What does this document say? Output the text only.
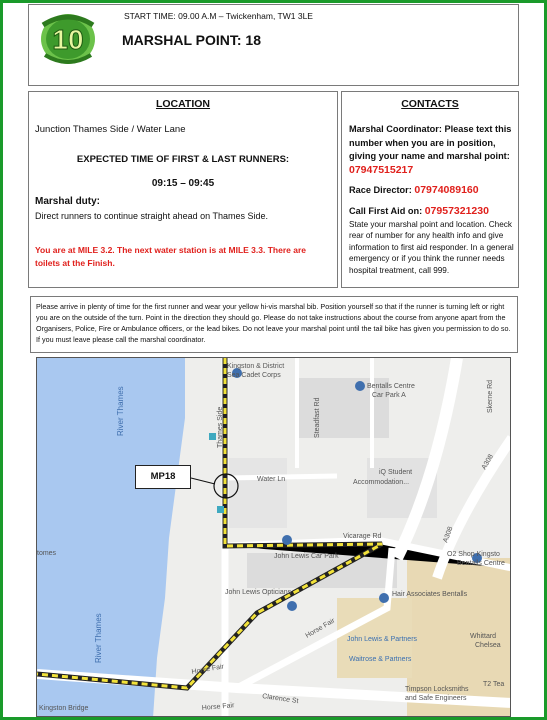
10
START TIME: 09.00 A.M – Twickenham, TW1 3LE
MARSHAL POINT: 18
LOCATION
Junction Thames Side / Water Lane
EXPECTED TIME OF FIRST & LAST RUNNERS:
09:15 – 09:45
Marshal duty:
Direct runners to continue straight ahead on Thames Side.
You are at MILE 3.2. The next water station is at MILE 3.3. There are toilets at the Finish.
CONTACTS
Marshal Coordinator: Please text this number when you are in position, giving your name and marshal point: 07947515217
Race Director: 07974089160
Call First Aid on: 07957321230
State your marshal point and location. Check rear of number for any health info and give information to first aid responder. In a general emergency or if you think the runner needs hospital treatment, call 999.
Please arrive in plenty of time for the first runner and wear your yellow hi-vis marshal bib. Position yourself so that if the runner is turning left or right you are on the outside of the turn. Point in the direction they should go. Please do not take instructions about the course from anyone apart from the Organisers, Police, Fire or Ambulance officers, or the lead bikes. Do not leave your marshal point until the tail bike has given you permission to do so. If you must leave please call the marshal coordinator.
River Thames
River Thames
Kingston & District
Sea Cadet Corps
Bentalls Centre
Car Park A
iQ Student
Accommodation...
Water Ln
Vicarage Rd
John Lewis Car Park
John Lewis Opticians
Horse Fair
Horse Fair
Horse Fair
Hair Associates Bentalls
John Lewis & Partners
Waitrose & Partners
O2 Shop Kingsto
Bentalls Centre
Whittard
Chelsea
T2 Tea
Timpson Locksmiths
and Safe Engineers
Kingston Bridge
Clarence St
A308
A308
Skerne Rd
Steadfast Rd
Thames Side
tomes
MP18
